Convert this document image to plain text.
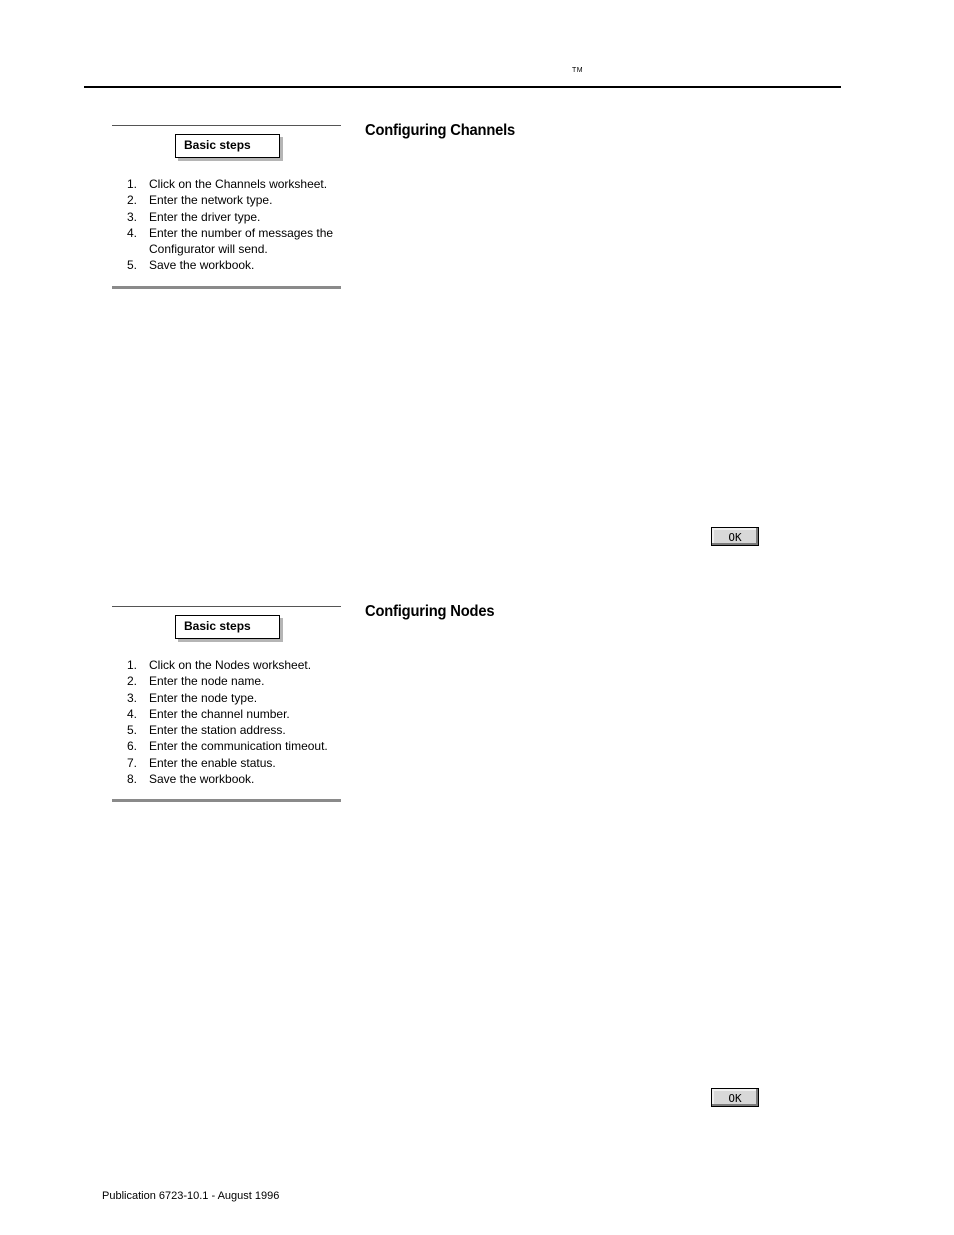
TM
Basic steps
1. Click on the Channels worksheet.
2. Enter the network type.
3. Enter the driver type.
4. Enter the number of messages the Configurator will send.
5. Save the workbook.
Configuring Channels
OK
Basic steps
1. Click on the Nodes worksheet.
2. Enter the node name.
3. Enter the node type.
4. Enter the channel number.
5. Enter the station address.
6. Enter the communication timeout.
7. Enter the enable status.
8. Save the workbook.
Configuring Nodes
OK
Publication 6723-10.1 - August 1996
